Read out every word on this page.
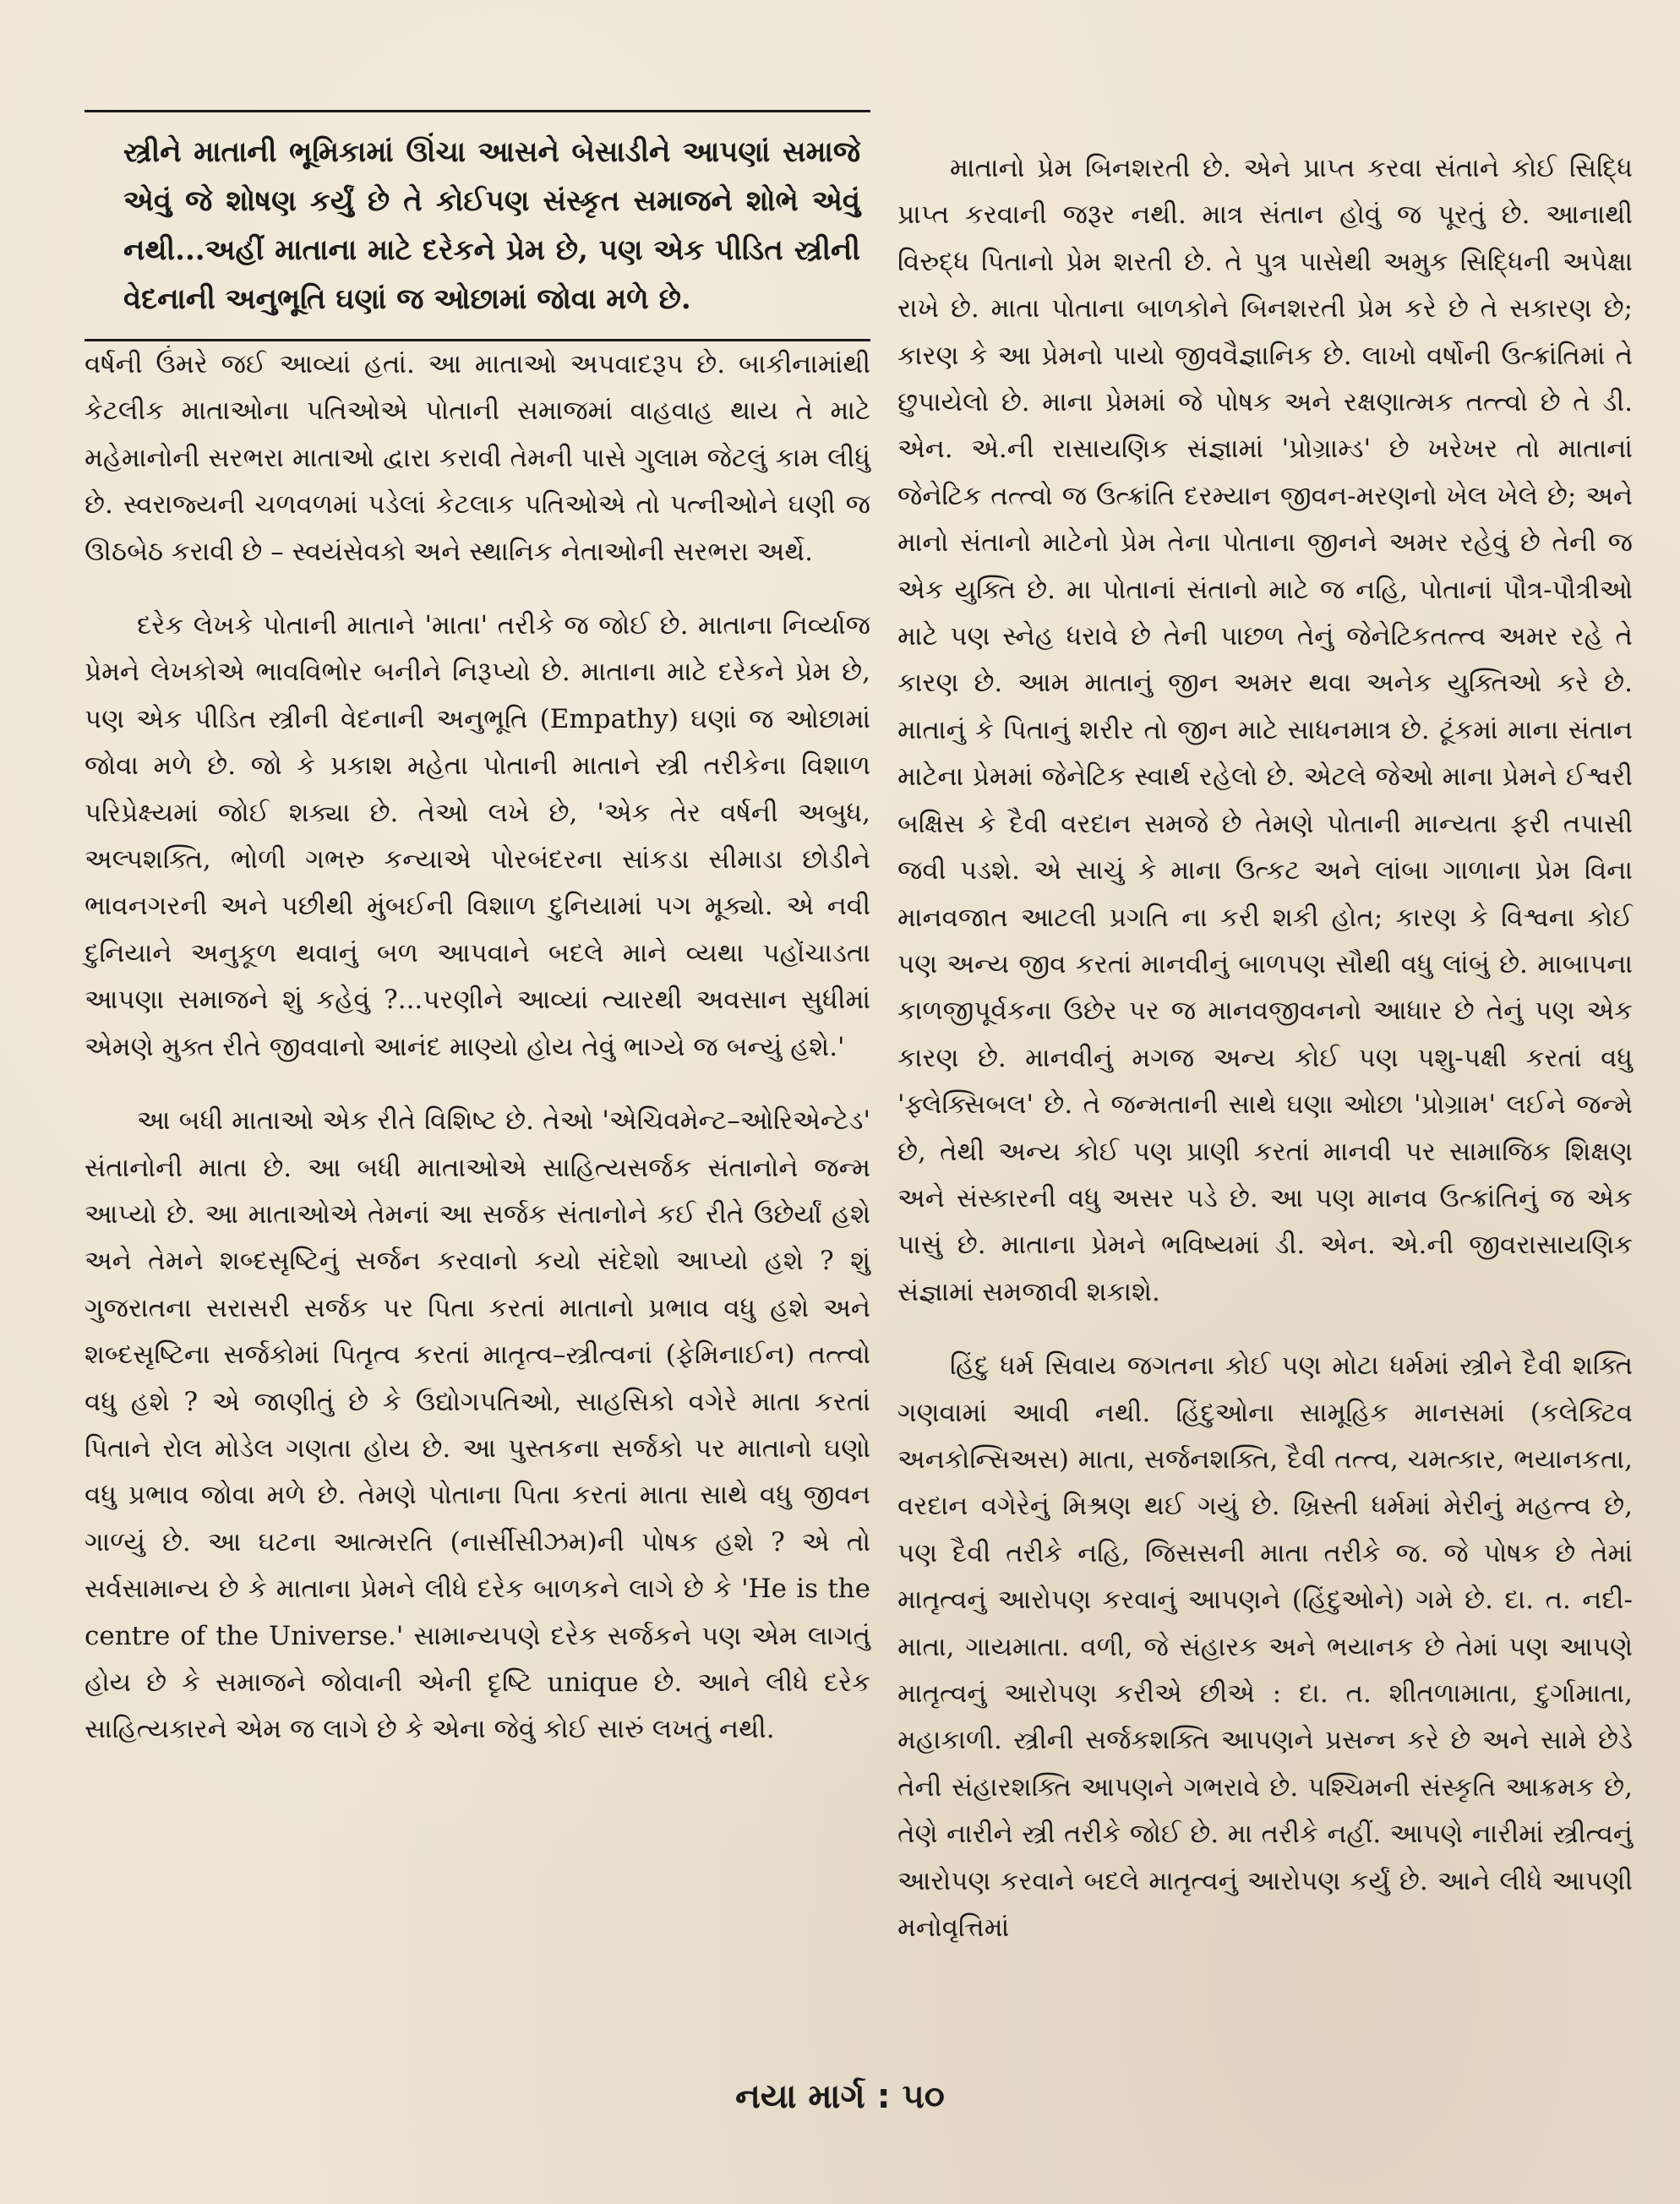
સ્ત્રીને માતાની ભૂમિકામાં ઊંચા આસને બેસાડીને આપણાં સમાજે એવું જે શોષણ કર્યું છે તે કોઈપણ સંસ્કૃત સમાજને શોભે એવું નથી...અહીં માતાના માટે દરેકને પ્રેમ છે, પણ એક પીડિત સ્ત્રીની વેદનાની અનુભૂતિ ઘણાં જ ઓછામાં જોવા મળે છે.

વર્ષની ઉંમરે જઈ આવ્યાં હતાં. આ માતાઓ અપવાદરૂપ છે. બાકીનામાંથી કેટલીક માતાઓના પતિઓએ પોતાની સમાજમાં વાહવાહ થાય તે માટે મહેમાનોની સરભરા માતાઓ દ્વારા કરાવી તેમની પાસે ગુલામ જેટલું કામ લીધું છે. સ્વરાજ્યની ચળવળમાં પડેલાં કેટલાક પતિઓએ તો પત્નીઓને ઘણી જ ઊઠબેઠ કરાવી છે – સ્વયંસેવકો અને સ્થાનિક નેતાઓની સરભરા અર્થે.

દરેક લેખકે પોતાની માતાને 'માતા' તરીકે જ જોઈ છે. માતાના નિર્વ્યાજ પ્રેમને લેખકોએ ભાવવિભોર બનીને નિરૂપ્યો છે. માતાના માટે દરેકને પ્રેમ છે, પણ એક પીડિત સ્ત્રીની વેદનાની અનુભૂતિ (Empathy) ઘણાં જ ઓછામાં જોવા મળે છે. જો કે પ્રકાશ મહેતા પોતાની માતાને સ્ત્રી તરીકેના વિશાળ પરિપ્રેક્ષ્યમાં જોઈ શક્યા છે. તેઓ લખે છે, 'એક તેર વર્ષની અબુધ, અલ્પશક્તિ, ભોળી ગભરુ કન્યાએ પોરબંદરના સાંકડા સીમાડા છોડીને ભાવનગરની અને પછીથી મુંબઈની વિશાળ દુનિયામાં પગ મૂક્યો. એ નવી દુનિયાને અનુકૂળ થવાનું બળ આપવાને બદલે માને વ્યથા પહોંચાડતા આપણા સમાજને શું કહેવું ?...પરણીને આવ્યાં ત્યારથી અવસાન સુધીમાં એમણે મુક્ત રીતે જીવવાનો આનંદ માણ્યો હોય તેવું ભાગ્યે જ બન્યું હશે.'

આ બધી માતાઓ એક રીતે વિશિષ્ટ છે. તેઓ 'એચિવમેન્ટ–ઓરિએન્ટેડ' સંતાનોની માતા છે. આ બધી માતાઓએ સાહિત્યસર્જક સંતાનોને જન્મ આપ્યો છે. આ માતાઓએ તેમનાં આ સર્જક સંતાનોને કઈ રીતે ઉછેર્યાં હશે અને તેમને શબ્દસૃષ્ટિનું સર્જન કરવાનો કયો સંદેશો આપ્યો હશે ? શું ગુજરાતના સરાસરી સર્જક પર પિતા કરતાં માતાનો પ્રભાવ વધુ હશે અને શબ્દસૃષ્ટિના સર્જકોમાં પિતૃત્વ કરતાં માતૃત્વ–સ્ત્રીત્વનાં (ફેમિનાઈન) તત્ત્વો વધુ હશે ? એ જાણીતું છે કે ઉદ્યોગપતિઓ, સાહસિકો વગેરે માતા કરતાં પિતાને રોલ મોડેલ ગણતા હોય છે. આ પુસ્તકના સર્જકો પર માતાનો ઘણો વધુ પ્રભાવ જોવા મળે છે. તેમણે પોતાના પિતા કરતાં માતા સાથે વધુ જીવન ગાળ્યું છે. આ ઘટના આત્મરતિ (નાર્સીસીઝમ)ની પોષક હશે ? એ તો સર્વસામાન્ય છે કે માતાના પ્રેમને લીધે દરેક બાળકને લાગે છે કે 'He is the centre of the Universe.' સામાન્યપણે દરેક સર્જકને પણ એમ લાગતું હોય છે કે સમાજને જોવાની એની દૃષ્ટિ unique છે. આને લીધે દરેક સાહિત્યકારને એમ જ લાગે છે કે એના જેવું કોઈ સારું લખતું નથી.

માતાનો પ્રેમ બિનશરતી છે. એને પ્રાપ્ત કરવા સંતાને કોઈ સિદ્ધિ પ્રાપ્ત કરવાની જરૂર નથી. માત્ર સંતાન હોવું જ પૂરતું છે. આનાથી વિરુદ્ધ પિતાનો પ્રેમ શરતી છે. તે પુત્ર પાસેથી અમુક સિદ્ધિની અપેક્ષા રાખે છે. માતા પોતાના બાળકોને બિનશરતી પ્રેમ કરે છે તે સકારણ છે; કારણ કે આ પ્રેમનો પાયો જીવવૈજ્ઞાનિક છે. લાખો વર્ષોની ઉત્ક્રાંતિમાં તે છુપાયેલો છે. માના પ્રેમમાં જે પોષક અને રક્ષણાત્મક તત્ત્વો છે તે ડી. એન. એ.ની રાસાયણિક સંજ્ઞામાં 'પ્રોગ્રામ્ડ' છે ખરેખર તો માતાનાં જેનેટિક તત્ત્વો જ ઉત્ક્રાંતિ દરમ્યાન જીવન-મરણનો ખેલ ખેલે છે; અને માનો સંતાનો માટેનો પ્રેમ તેના પોતાના જીનને અમર રહેવું છે તેની જ એક યુક્તિ છે. મા પોતાનાં સંતાનો માટે જ નહિ, પોતાનાં પૌત્ર-પૌત્રીઓ માટે પણ સ્નેહ ધરાવે છે તેની પાછળ તેનું જેનેટિકતત્ત્વ અમર રહે તે કારણ છે. આમ માતાનું જીન અમર થવા અનેક યુક્તિઓ કરે છે. માતાનું કે પિતાનું શરીર તો જીન માટે સાધનમાત્ર છે. ટૂંકમાં માના સંતાન માટેના પ્રેમમાં જેનેટિક સ્વાર્થ રહેલો છે. એટલે જેઓ માના પ્રેમને ઈશ્વરી બક્ષિસ કે દૈવી વરદાન સમજે છે તેમણે પોતાની માન્યતા ફરી તપાસી જવી પડશે. એ સાચું કે માના ઉત્કટ અને લાંબા ગાળાના પ્રેમ વિના માનવજાત આટલી પ્રગતિ ના કરી શકી હોત; કારણ કે વિશ્વના કોઈ પણ અન્ય જીવ કરતાં માનવીનું બાળપણ સૌથી વધુ લાંબું છે. માબાપના કાળજીપૂર્વકના ઉછેર પર જ માનવજીવનનો આધાર છે તેનું પણ એક કારણ છે. માનવીનું મગજ અન્ય કોઈ પણ પશુ-પક્ષી કરતાં વધુ 'ફ્લેક્સિબલ' છે. તે જન્મતાની સાથે ઘણા ઓછા 'પ્રોગ્રામ' લઈને જન્મે છે, તેથી અન્ય કોઈ પણ પ્રાણી કરતાં માનવી પર સામાજિક શિક્ષણ અને સંસ્કારની વધુ અસર પડે છે. આ પણ માનવ ઉત્ક્રાંતિનું જ એક પાસું છે. માતાના પ્રેમને ભવિષ્યમાં ડી. એન. એ.ની જીવરાસાયણિક સંજ્ઞામાં સમજાવી શકાશે.

હિંદુ ધર્મ સિવાય જગતના કોઈ પણ મોટા ધર્મમાં સ્ત્રીને દૈવી શક્તિ ગણવામાં આવી નથી. હિંદુઓના સામૂહિક માનસમાં (કલેક્ટિવ અનકોન્સિઅસ) માતા, સર્જનશક્તિ, દૈવી તત્ત્વ, ચમત્કાર, ભયાનકતા, વરદાન વગેરેનું મિશ્રણ થઈ ગયું છે. ખ્રિસ્તી ધર્મમાં મેરીનું મહત્ત્વ છે, પણ દૈવી તરીકે નહિ, જિસસની માતા તરીકે જ. જે પોષક છે તેમાં માતૃત્વનું આરોપણ કરવાનું આપણને (હિંદુઓને) ગમે છે. દા. ત. નદી-માતા, ગાયમાતા. વળી, જે સંહારક અને ભયાનક છે તેમાં પણ આપણે માતૃત્વનું આરોપણ કરીએ છીએ : દા. ત. શીતળામાતા, દુર્ગામાતા, મહાકાળી. સ્ત્રીની સર્જકશક્તિ આપણને પ્રસન્ન કરે છે અને સામે છેડે તેની સંહારશક્તિ આપણને ગભરાવે છે. પશ્ચિમની સંસ્કૃતિ આક્રમક છે, તેણે નારીને સ્ત્રી તરીકે જોઈ છે. મા તરીકે નહીં. આપણે નારીમાં સ્ત્રીત્વનું આરોપણ કરવાને બદલે માતૃત્વનું આરોપણ કર્યું છે. આને લીધે આપણી મનોવૃત્તિમાં

નયા માર્ગ : ૫૦
